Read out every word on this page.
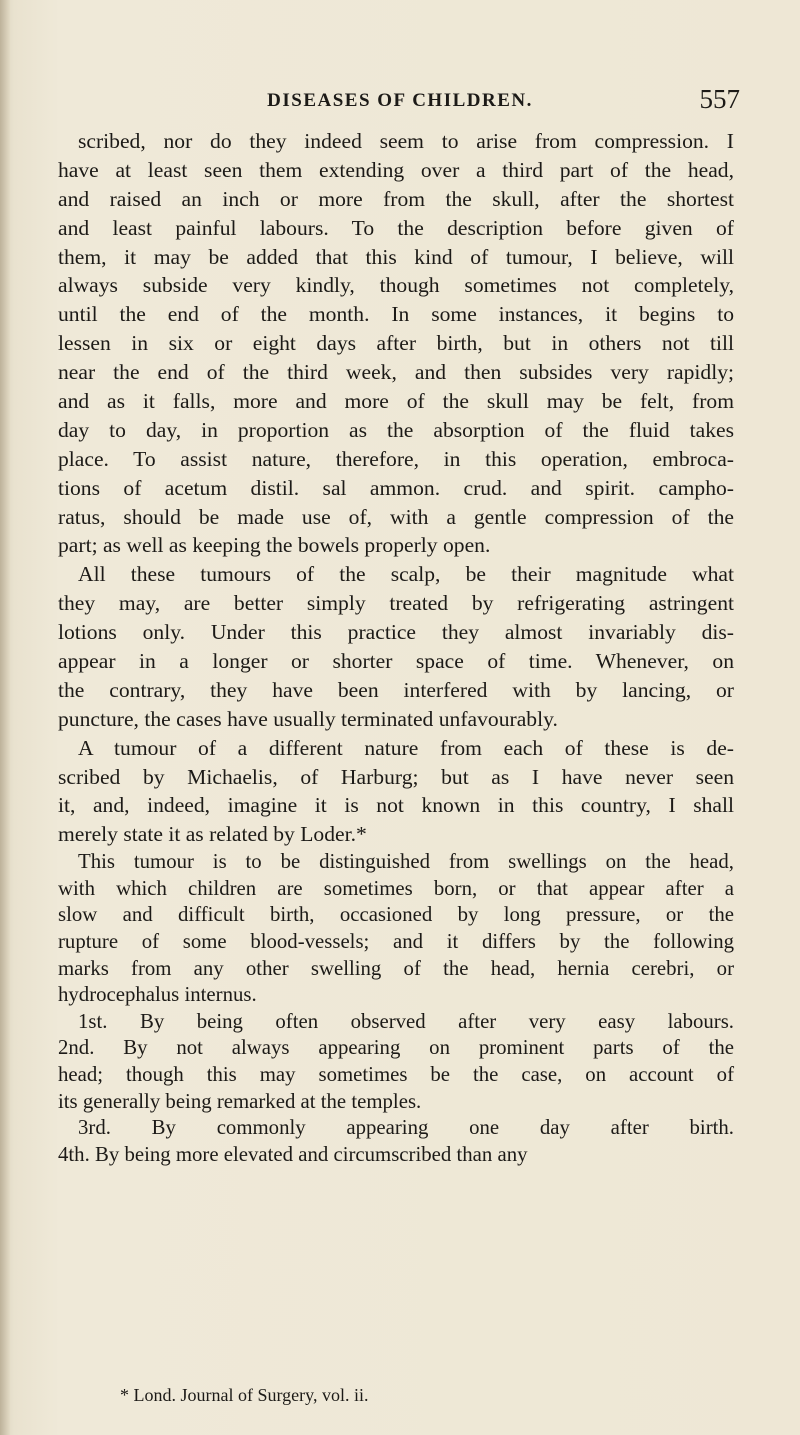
DISEASES OF CHILDREN.	557
scribed, nor do they indeed seem to arise from compression. I
have at least seen them extending over a third part of the head,
and raised an inch or more from the skull, after the shortest
and least painful labours. To the description before given of
them, it may be added that this kind of tumour, I believe, will
always subside very kindly, though sometimes not completely,
until the end of the month. In some instances, it begins to
lessen in six or eight days after birth, but in others not till
near the end of the third week, and then subsides very rapidly;
and as it falls, more and more of the skull may be felt, from
day to day, in proportion as the absorption of the fluid takes
place. To assist nature, therefore, in this operation, embroca-
tions of acetum distil. sal ammon. crud. and spirit. campho-
ratus, should be made use of, with a gentle compression of the
part; as well as keeping the bowels properly open.
All these tumours of the scalp, be their magnitude what
they may, are better simply treated by refrigerating astringent
lotions only. Under this practice they almost invariably dis-
appear in a longer or shorter space of time. Whenever, on
the contrary, they have been interfered with by lancing, or
puncture, the cases have usually terminated unfavourably.
A tumour of a different nature from each of these is de-
scribed by Michaelis, of Harburg; but as I have never seen
it, and, indeed, imagine it is not known in this country, I shall
merely state it as related by Loder.*
This tumour is to be distinguished from swellings on the head,
with which children are sometimes born, or that appear after a
slow and difficult birth, occasioned by long pressure, or the
rupture of some blood-vessels; and it differs by the following
marks from any other swelling of the head, hernia cerebri, or
hydrocephalus internus.
1st. By being often observed after very easy labours.
2nd. By not always appearing on prominent parts of the
head; though this may sometimes be the case, on account of
its generally being remarked at the temples.
3rd. By commonly appearing one day after birth.
4th. By being more elevated and circumscribed than any
* Lond. Journal of Surgery, vol. ii.
